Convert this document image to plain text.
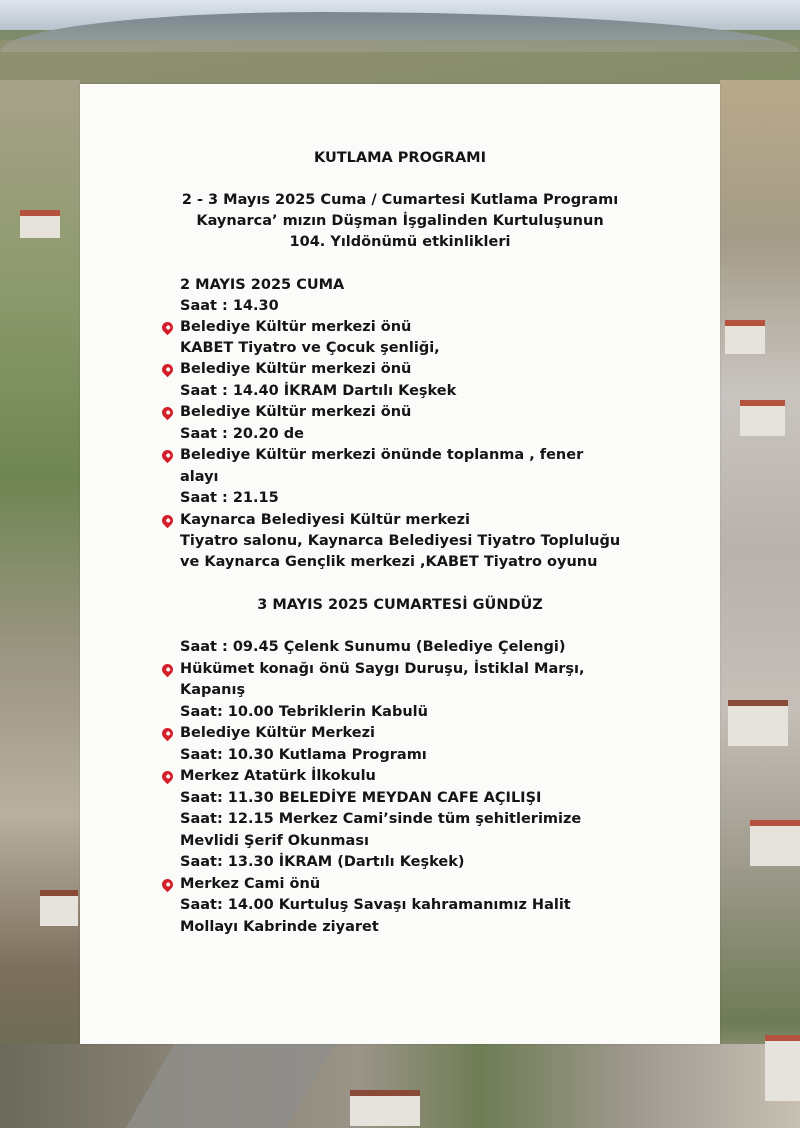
KUTLAMA PROGRAMI
2 - 3 Mayıs 2025 Cuma / Cumartesi Kutlama Programı
Kaynarca’ mızın Düşman İşgalinden Kurtuluşunun
104. Yıldönümü etkinlikleri
2 MAYIS 2025 CUMA
Saat : 14.30
Belediye Kültür merkezi önü
KABET Tiyatro ve Çocuk şenliği,
Belediye Kültür merkezi önü
Saat : 14.40 İKRAM Dartılı Keşkek
Belediye Kültür merkezi önü
Saat : 20.20 de
Belediye Kültür merkezi önünde toplanma , fener
alayı
Saat : 21.15
Kaynarca Belediyesi Kültür merkezi
Tiyatro salonu, Kaynarca Belediyesi Tiyatro Topluluğu
ve Kaynarca Gençlik merkezi ,KABET Tiyatro oyunu
3 MAYIS 2025 CUMARTESİ GÜNDÜZ
Saat : 09.45 Çelenk Sunumu (Belediye Çelengi)
Hükümet konağı önü Saygı Duruşu, İstiklal Marşı,
Kapanış
Saat: 10.00 Tebriklerin Kabulü
Belediye Kültür Merkezi
Saat: 10.30 Kutlama Programı
Merkez Atatürk İlkokulu
Saat: 11.30 BELEDİYE MEYDAN CAFE AÇILIŞI
Saat: 12.15 Merkez Cami’sinde tüm şehitlerimize
Mevlidi Şerif Okunması
Saat: 13.30 İKRAM (Dartılı Keşkek)
Merkez Cami önü
Saat: 14.00 Kurtuluş Savaşı kahramanımız Halit
Mollayı Kabrinde ziyaret
